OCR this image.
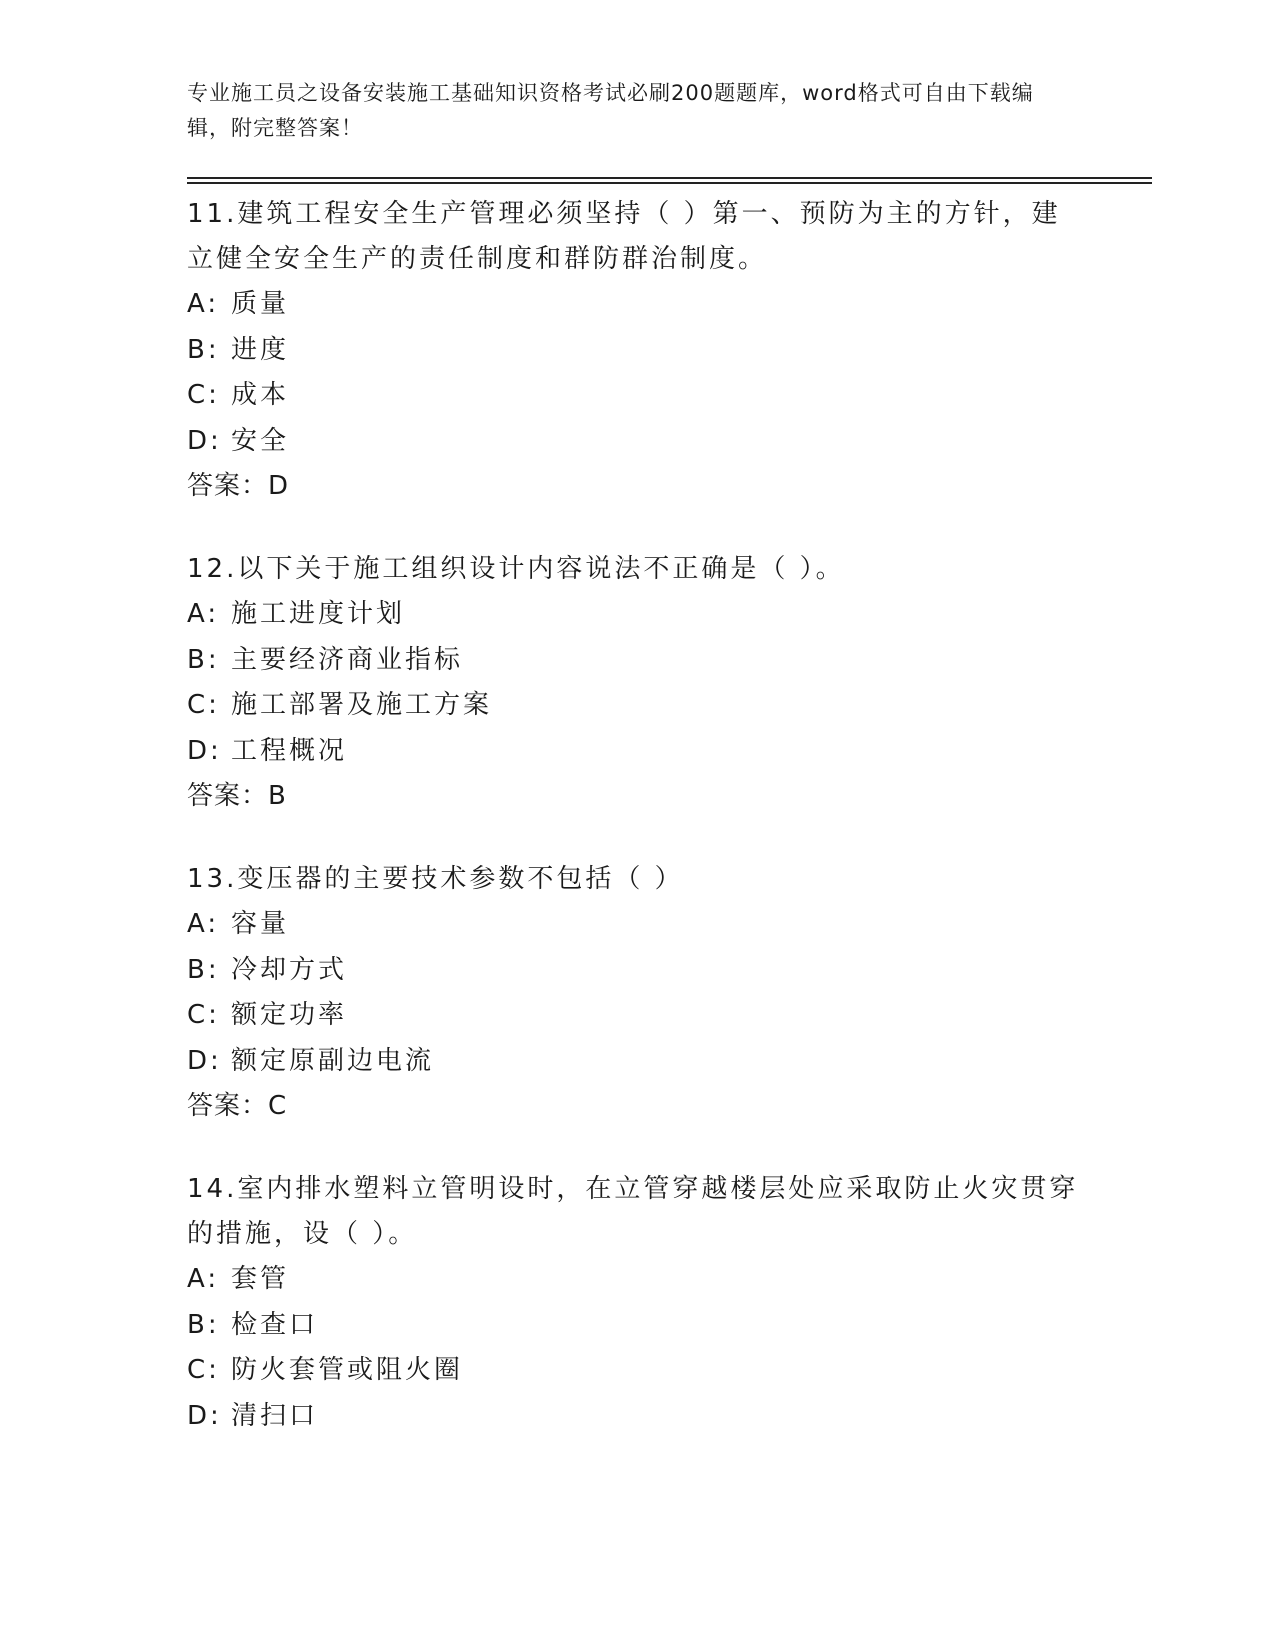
专业施工员之设备安装施工基础知识资格考试必刷200题题库，word格式可自由下载编辑，附完整答案！

11.建筑工程安全生产管理必须坚持（ ）第一、预防为主的方针，建立健全安全生产的责任制度和群防群治制度。

A: 质量
B: 进度
C: 成本
D: 安全
答案：D

12.以下关于施工组织设计内容说法不正确是（ ）。

A: 施工进度计划
B: 主要经济商业指标
C: 施工部署及施工方案
D: 工程概况
答案：B

13.变压器的主要技术参数不包括（ ）

A: 容量
B: 冷却方式
C: 额定功率
D: 额定原副边电流
答案：C

14.室内排水塑料立管明设时，在立管穿越楼层处应采取防止火灾贯穿的措施，设（ ）。

A: 套管
B: 检查口
C: 防火套管或阻火圈
D: 清扫口
